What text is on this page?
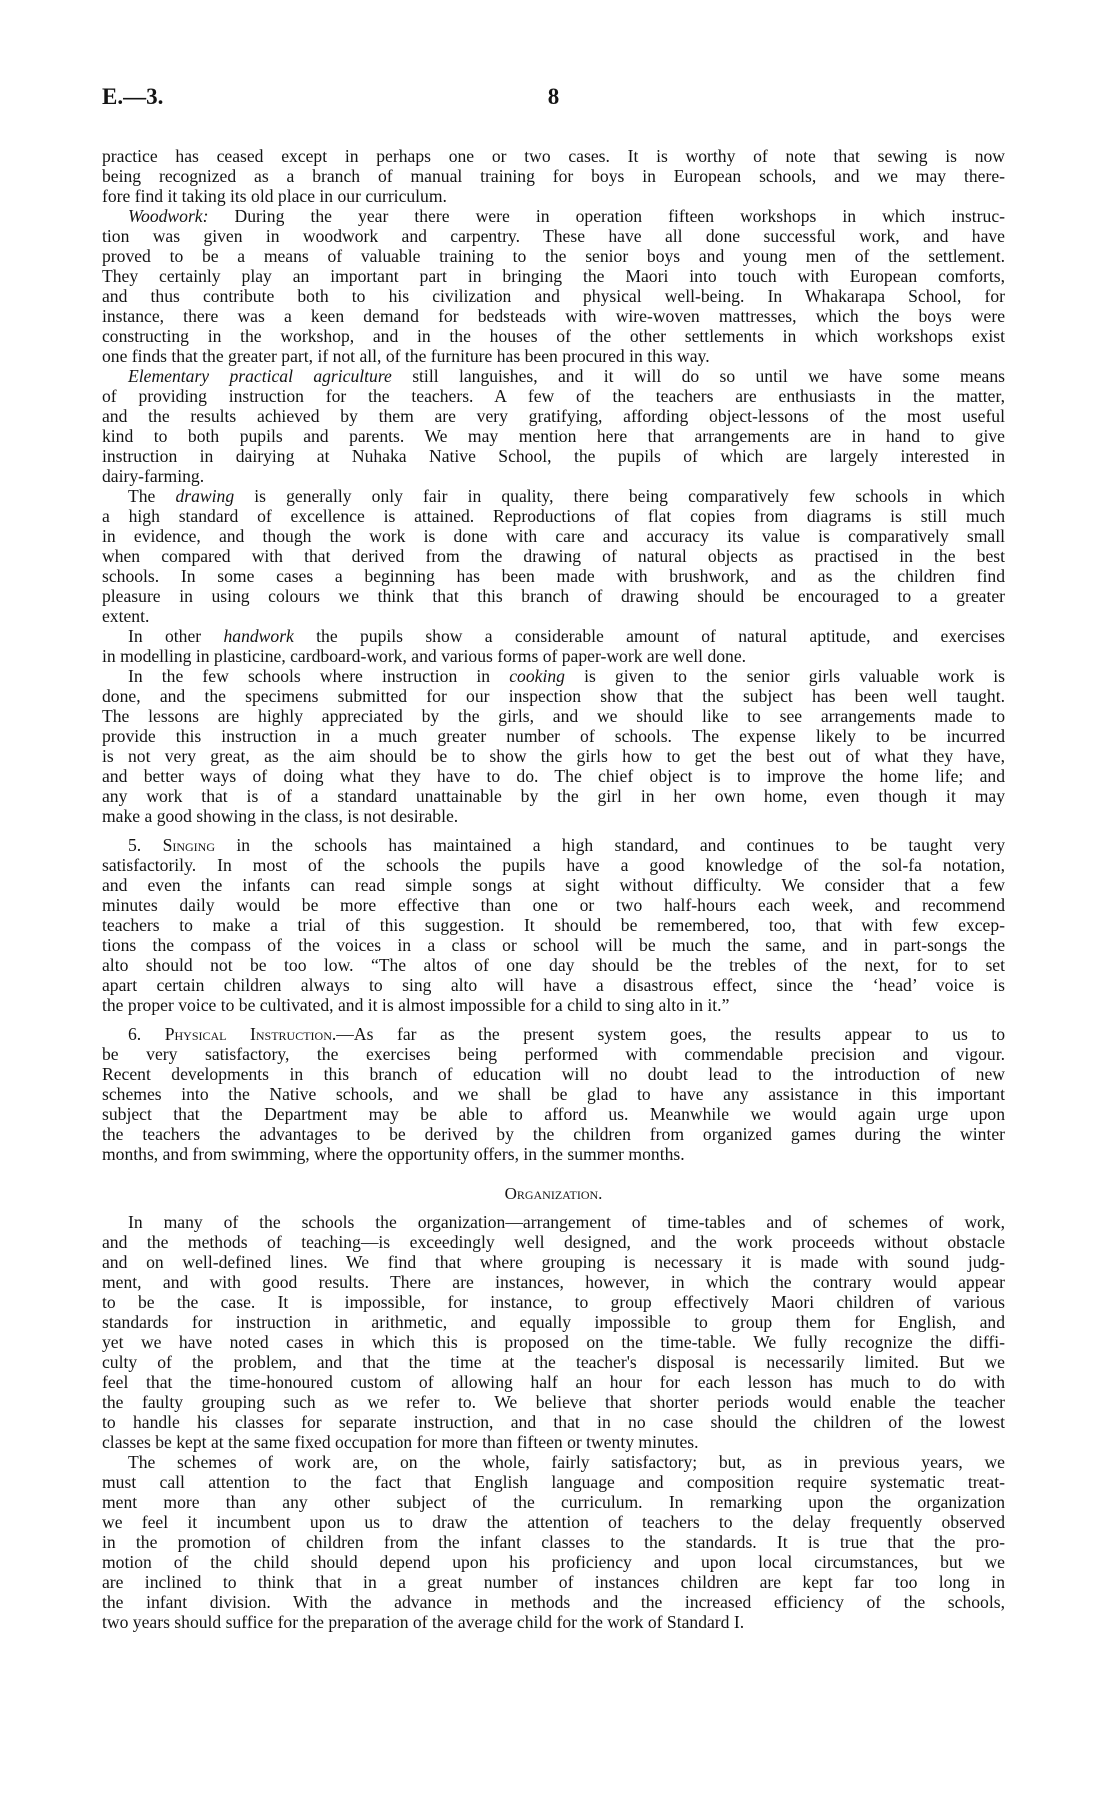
E.—3.	8
practice has ceased except in perhaps one or two cases. It is worthy of note that sewing is now
being recognized as a branch of manual training for boys in European schools, and we may there-
fore find it taking its old place in our curriculum.
Woodwork: During the year there were in operation fifteen workshops in which instruc-
tion was given in woodwork and carpentry. These have all done successful work, and have
proved to be a means of valuable training to the senior boys and young men of the settlement.
They certainly play an important part in bringing the Maori into touch with European comforts,
and thus contribute both to his civilization and physical well-being. In Whakarapa School, for
instance, there was a keen demand for bedsteads with wire-woven mattresses, which the boys were
constructing in the workshop, and in the houses of the other settlements in which workshops exist
one finds that the greater part, if not all, of the furniture has been procured in this way.
Elementary practical agriculture still languishes, and it will do so until we have some means
of providing instruction for the teachers. A few of the teachers are enthusiasts in the matter,
and the results achieved by them are very gratifying, affording object-lessons of the most useful
kind to both pupils and parents. We may mention here that arrangements are in hand to give
instruction in dairying at Nuhaka Native School, the pupils of which are largely interested in
dairy-farming.
The drawing is generally only fair in quality, there being comparatively few schools in which
a high standard of excellence is attained. Reproductions of flat copies from diagrams is still much
in evidence, and though the work is done with care and accuracy its value is comparatively small
when compared with that derived from the drawing of natural objects as practised in the best
schools. In some cases a beginning has been made with brushwork, and as the children find
pleasure in using colours we think that this branch of drawing should be encouraged to a greater
extent.
In other handwork the pupils show a considerable amount of natural aptitude, and exercises
in modelling in plasticine, cardboard-work, and various forms of paper-work are well done.
In the few schools where instruction in cooking is given to the senior girls valuable work is
done, and the specimens submitted for our inspection show that the subject has been well taught.
The lessons are highly appreciated by the girls, and we should like to see arrangements made to
provide this instruction in a much greater number of schools. The expense likely to be incurred
is not very great, as the aim should be to show the girls how to get the best out of what they have,
and better ways of doing what they have to do. The chief object is to improve the home life; and
any work that is of a standard unattainable by the girl in her own home, even though it may
make a good showing in the class, is not desirable.
5. Singing in the schools has maintained a high standard, and continues to be taught very
satisfactorily. In most of the schools the pupils have a good knowledge of the sol-fa notation,
and even the infants can read simple songs at sight without difficulty. We consider that a few
minutes daily would be more effective than one or two half-hours each week, and recommend
teachers to make a trial of this suggestion. It should be remembered, too, that with few excep-
tions the compass of the voices in a class or school will be much the same, and in part-songs the
alto should not be too low. “The altos of one day should be the trebles of the next, for to set
apart certain children always to sing alto will have a disastrous effect, since the ‘head’ voice is
the proper voice to be cultivated, and it is almost impossible for a child to sing alto in it.”
6. Physical Instruction.—As far as the present system goes, the results appear to us to
be very satisfactory, the exercises being performed with commendable precision and vigour.
Recent developments in this branch of education will no doubt lead to the introduction of new
schemes into the Native schools, and we shall be glad to have any assistance in this important
subject that the Department may be able to afford us. Meanwhile we would again urge upon
the teachers the advantages to be derived by the children from organized games during the winter
months, and from swimming, where the opportunity offers, in the summer months.
Organization.
In many of the schools the organization—arrangement of time-tables and of schemes of work,
and the methods of teaching—is exceedingly well designed, and the work proceeds without obstacle
and on well-defined lines. We find that where grouping is necessary it is made with sound judg-
ment, and with good results. There are instances, however, in which the contrary would appear
to be the case. It is impossible, for instance, to group effectively Maori children of various
standards for instruction in arithmetic, and equally impossible to group them for English, and
yet we have noted cases in which this is proposed on the time-table. We fully recognize the diffi-
culty of the problem, and that the time at the teacher's disposal is necessarily limited. But we
feel that the time-honoured custom of allowing half an hour for each lesson has much to do with
the faulty grouping such as we refer to. We believe that shorter periods would enable the teacher
to handle his classes for separate instruction, and that in no case should the children of the lowest
classes be kept at the same fixed occupation for more than fifteen or twenty minutes.
The schemes of work are, on the whole, fairly satisfactory; but, as in previous years, we
must call attention to the fact that English language and composition require systematic treat-
ment more than any other subject of the curriculum. In remarking upon the organization
we feel it incumbent upon us to draw the attention of teachers to the delay frequently observed
in the promotion of children from the infant classes to the standards. It is true that the pro-
motion of the child should depend upon his proficiency and upon local circumstances, but we
are inclined to think that in a great number of instances children are kept far too long in
the infant division. With the advance in methods and the increased efficiency of the schools,
two years should suffice for the preparation of the average child for the work of Standard I.
